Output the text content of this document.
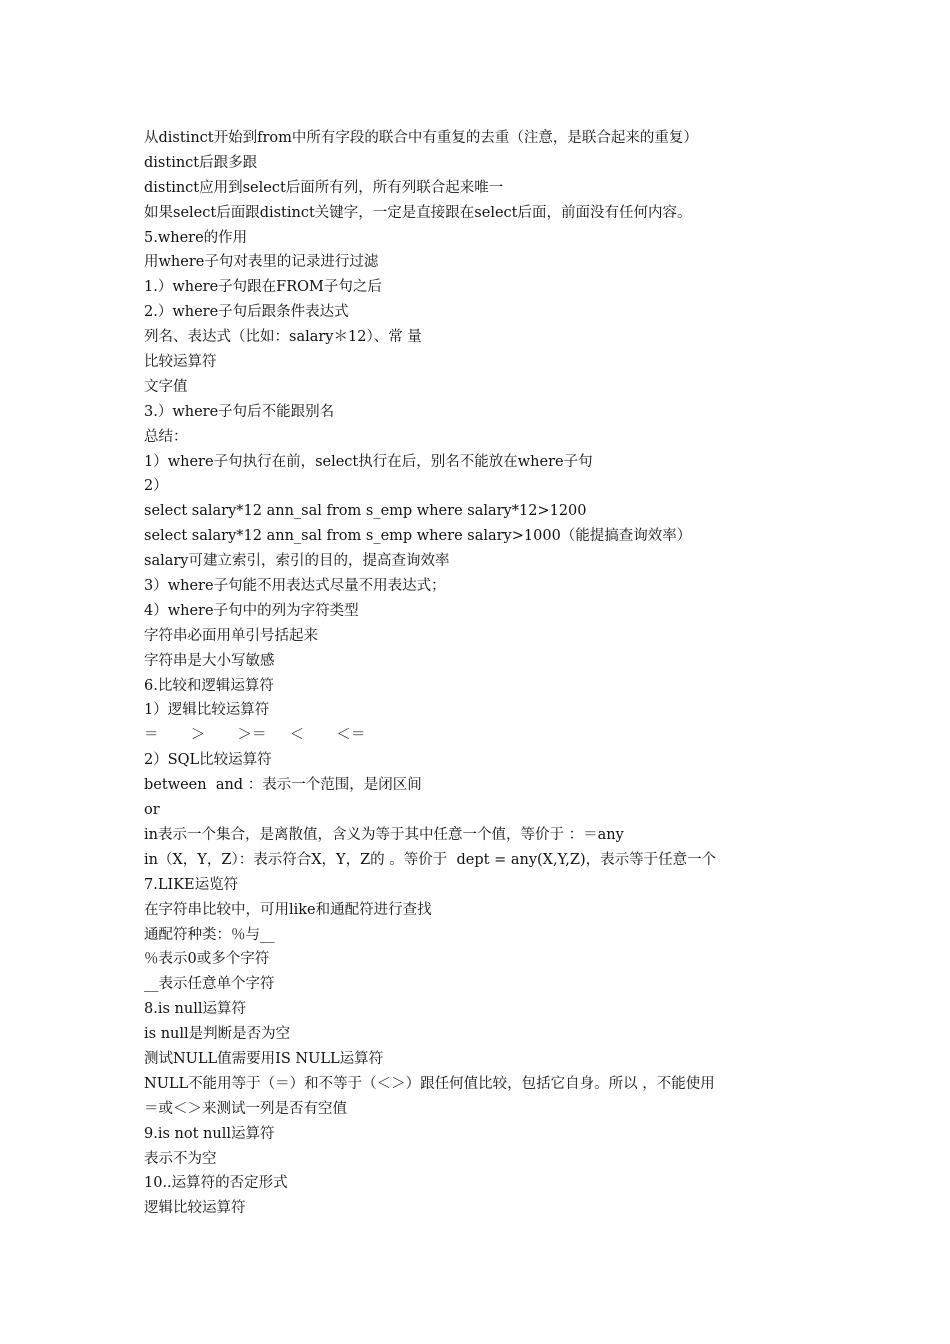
从distinct开始到from中所有字段的联合中有重复的去重（注意，是联合起来的重复）
distinct后跟多跟
distinct应用到select后面所有列，所有列联合起来唯一
如果select后面跟distinct关键字，一定是直接跟在select后面，前面没有任何内容。
5.where的作用
用where子句对表里的记录进行过滤
1.）where子句跟在FROM子句之后
2.）where子句后跟条件表达式
列名、表达式（比如：salary＊12）、常 量
比较运算符
文字值
3.）where子句后不能跟别名
总结：
1）where子句执行在前，select执行在后，别名不能放在where子句
2）
select salary*12 ann_sal from s_emp where salary*12>1200
select salary*12 ann_sal from s_emp where salary>1000（能提搞查询效率）
salary可建立索引，索引的目的，提高查询效率
3）where子句能不用表达式尽量不用表达式；
4）where子句中的列为字符类型
字符串必面用单引号括起来
字符串是大小写敏感
6.比较和逻辑运算符
1）逻辑比较运算符
＝       ＞       ＞＝     ＜       ＜＝
2）SQL比较运算符
between  and ：表示一个范围，是闭区间
or
in表示一个集合，是离散值，含义为等于其中任意一个值，等价于 ：＝any
in（X，Y，Z）：表示符合X，Y，Z的 。等价于  dept = any(X,Y,Z)，表示等于任意一个
7.LIKE运览符
在字符串比较中，可用like和通配符进行查找
通配符种类：％与__
％表示0或多个字符
__表示任意单个字符
8.is null运算符
is null是判断是否为空
测试NULL值需要用IS NULL运算符
NULL不能用等于（＝）和不等于（＜＞）跟任何值比较，包括它自身。所以 ，不能使用
＝或＜＞来测试一列是否有空值
9.is not null运算符
表示不为空
10..运算符的否定形式
逻辑比较运算符
